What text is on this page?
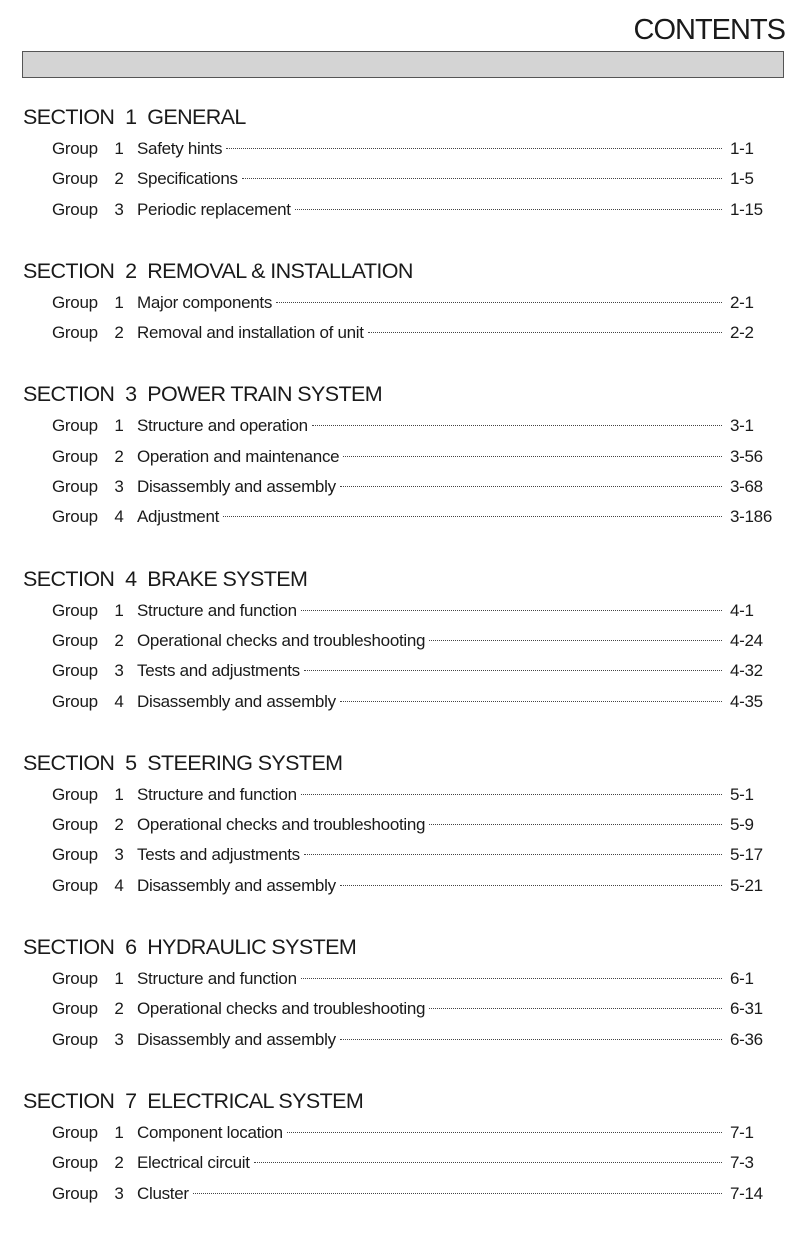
CONTENTS
SECTION  1  GENERAL
Group 1 Safety hints	1-1
Group 2 Specifications	1-5
Group 3 Periodic replacement	1-15
SECTION  2  REMOVAL & INSTALLATION
Group 1 Major components	2-1
Group 2 Removal and installation of unit	2-2
SECTION  3  POWER TRAIN SYSTEM
Group 1 Structure and operation	3-1
Group 2 Operation and maintenance	3-56
Group 3 Disassembly and assembly	3-68
Group 4 Adjustment	3-186
SECTION  4  BRAKE SYSTEM
Group 1 Structure and function	4-1
Group 2 Operational checks and troubleshooting	4-24
Group 3 Tests and adjustments	4-32
Group 4 Disassembly and assembly	4-35
SECTION  5  STEERING SYSTEM
Group 1 Structure and function	5-1
Group 2 Operational checks and troubleshooting	5-9
Group 3 Tests and adjustments	5-17
Group 4 Disassembly and assembly	5-21
SECTION  6  HYDRAULIC SYSTEM
Group 1 Structure and function	6-1
Group 2 Operational checks and troubleshooting	6-31
Group 3 Disassembly and assembly	6-36
SECTION  7  ELECTRICAL SYSTEM
Group 1 Component location	7-1
Group 2 Electrical circuit	7-3
Group 3 Cluster	7-14
